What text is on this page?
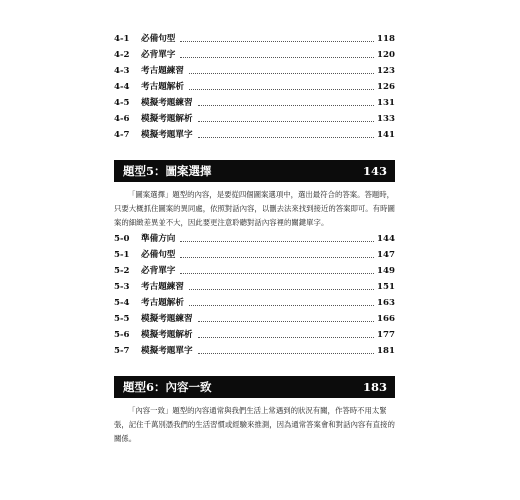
4-1	必備句型	118
4-2	必背單字	120
4-3	考古題練習	123
4-4	考古題解析	126
4-5	模擬考題練習	131
4-6	模擬考題解析	133
4-7	模擬考題單字	141
題型5：圖案選擇	143

「圖案選擇」題型的內容，是要從四個圖案選項中，選出最符合的答案。答題時，只要大概抓住圖案的異同處，依照對話內容，以刪去法來找到接近的答案即可。有時圖案的細緻差異並不大，因此要更注意聆聽對話內容裡的關鍵單字。

5-0	準備方向	144
5-1	必備句型	147
5-2	必背單字	149
5-3	考古題練習	151
5-4	考古題解析	163
5-5	模擬考題練習	166
5-6	模擬考題解析	177
5-7	模擬考題單字	181
題型6：內容一致	183

「內容一致」題型的內容通常與我們生活上常遇到的狀況有關，作答時不用太緊張，記住千萬別憑我們的生活習慣或經驗來推測，因為通常答案會和對話內容有直接的關係。
